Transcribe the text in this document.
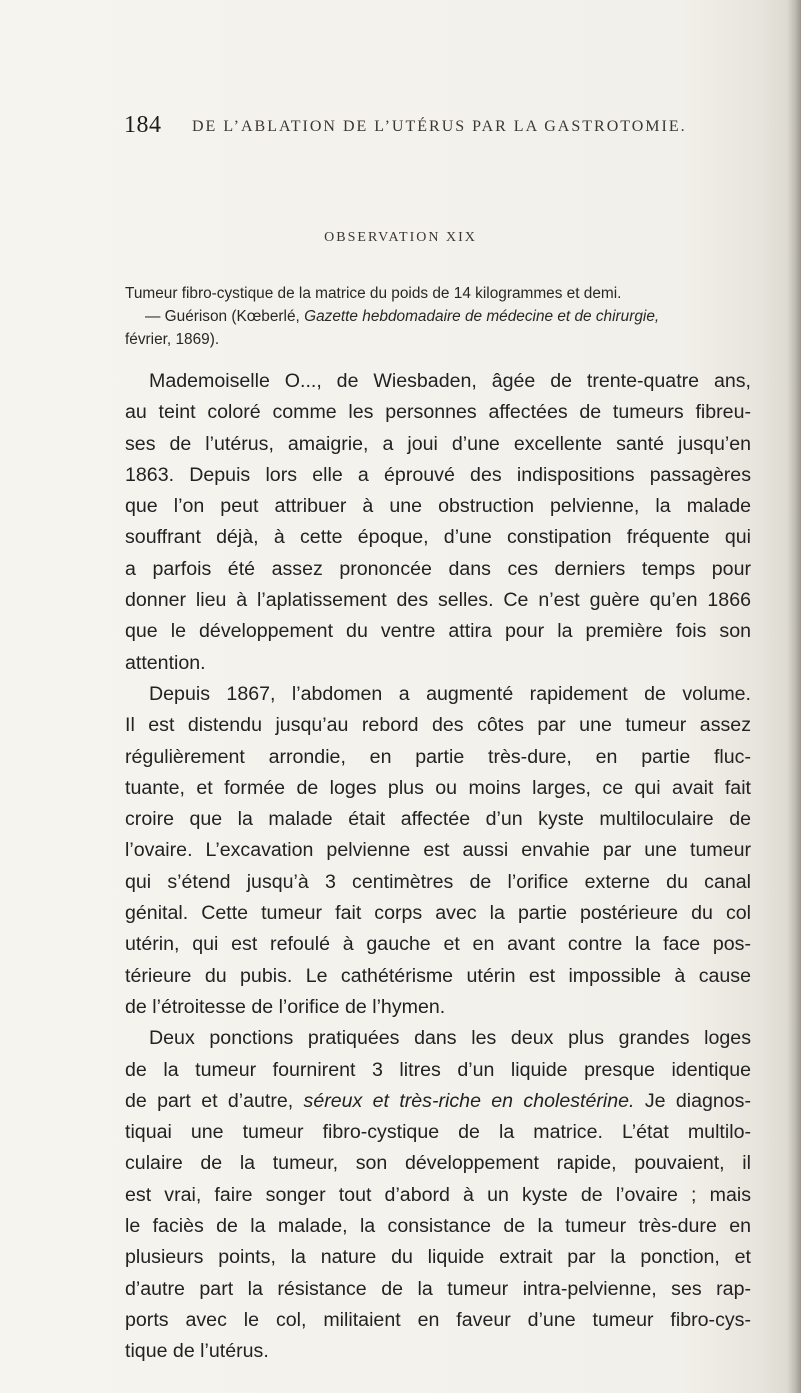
184 DE L’ABLATION DE L’UTÉRUS PAR LA GASTROTOMIE.
OBSERVATION XIX

Tumeur fibro-cystique de la matrice du poids de 14 kilogrammes et demi.

— Guérison (Kœberlé, Gazette hebdomadaire de médecine et de chirurgie,

février, 1869).

Mademoiselle O..., de Wiesbaden, âgée de trente-quatre ans,
au teint coloré comme les personnes affectées de tumeurs fibreu-
ses de l’utérus, amaigrie, a joui d’une excellente santé jusqu’en
1863. Depuis lors elle a éprouvé des indispositions passagères
que l’on peut attribuer à une obstruction pelvienne, la malade
souffrant déjà, à cette époque, d’une constipation fréquente qui
a parfois été assez prononcée dans ces derniers temps pour
donner lieu à l’aplatissement des selles. Ce n’est guère qu’en 1866
que le développement du ventre attira pour la première fois son
attention.
Depuis 1867, l’abdomen a augmenté rapidement de volume.
Il est distendu jusqu’au rebord des côtes par une tumeur assez
régulièrement arrondie, en partie très-dure, en partie fluc-
tuante, et formée de loges plus ou moins larges, ce qui avait fait
croire que la malade était affectée d’un kyste multiloculaire de
l’ovaire. L’excavation pelvienne est aussi envahie par une tumeur
qui s’étend jusqu’à 3 centimètres de l’orifice externe du canal
génital. Cette tumeur fait corps avec la partie postérieure du col
utérin, qui est refoulé à gauche et en avant contre la face pos-
térieure du pubis. Le cathétérisme utérin est impossible à cause
de l’étroitesse de l’orifice de l’hymen.
Deux ponctions pratiquées dans les deux plus grandes loges
de la tumeur fournirent 3 litres d’un liquide presque identique
de part et d’autre, séreux et très-riche en cholestérine. Je diagnos-
tiquai une tumeur fibro-cystique de la matrice. L’état multilo-
culaire de la tumeur, son développement rapide, pouvaient, il
est vrai, faire songer tout d’abord à un kyste de l’ovaire ; mais
le faciès de la malade, la consistance de la tumeur très-dure en
plusieurs points, la nature du liquide extrait par la ponction, et
d’autre part la résistance de la tumeur intra-pelvienne, ses rap-
ports avec le col, militaient en faveur d’une tumeur fibro-cys-
tique de l’utérus.
